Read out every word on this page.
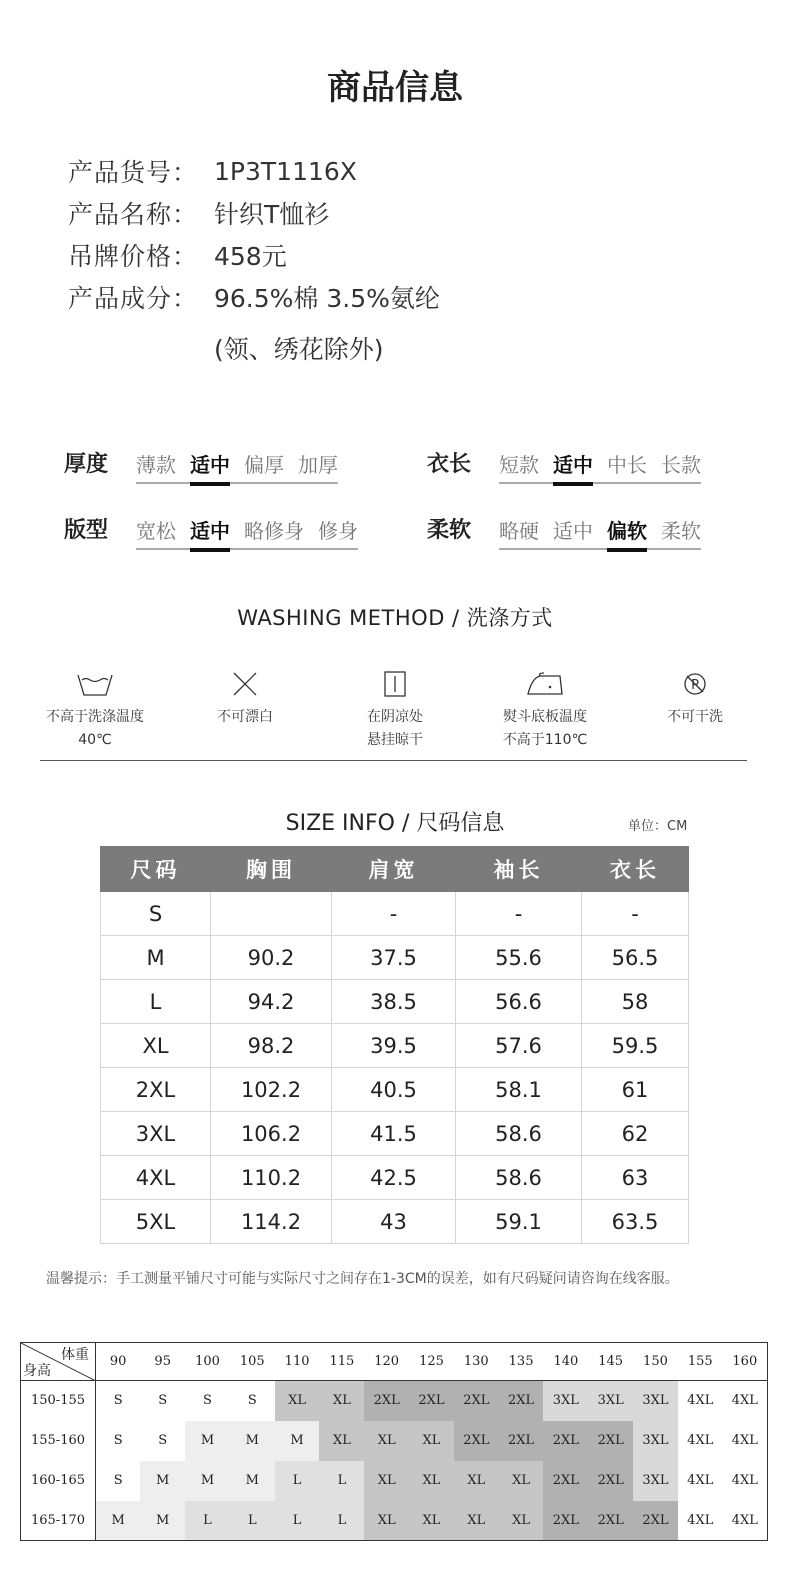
商品信息
产品货号： 1P3T1116X
产品名称： 针织T恤衫
吊牌价格： 458元
产品成分： 96.5%棉 3.5%氨纶
(领、绣花除外)
厚度	薄款 适中 偏厚 加厚	衣长	短款 适中 中长 长款
版型	宽松 适中 略修身 修身	柔软	略硬 适中 偏软 柔软
WASHING METHOD / 洗涤方式
不高于洗涤温度
40℃
不可漂白	在阴凉处
悬挂晾干
熨斗底板温度
不高于110℃
P
不可干洗
SIZE INFO / 尺码信息	单位：CM
尺码	胸围	肩宽	袖长	衣长
S		-	-	-
M	90.2	37.5	55.6	56.5
L	94.2	38.5	56.6	58
XL	98.2	39.5	57.6	59.5
2XL	102.2	40.5	58.1	61
3XL	106.2	41.5	58.6	62
4XL	110.2	42.5	58.6	63
5XL	114.2	43	59.1	63.5
温馨提示：手工测量平铺尺寸可能与实际尺寸之间存在1-3CM的误差，如有尺码疑问请咨询在线客服。
体重
身高	90	95	100	105	110	115	120	125	130	135	140	145	150	155	160
150-155	S	S	S	S	XL	XL	2XL	2XL	2XL	2XL	3XL	3XL	3XL	4XL	4XL
155-160	S	S	M	M	M	XL	XL	XL	2XL	2XL	2XL	2XL	3XL	4XL	4XL
160-165	S	M	M	M	L	L	XL	XL	XL	XL	2XL	2XL	3XL	4XL	4XL
165-170	M	M	L	L	L	L	XL	XL	XL	XL	2XL	2XL	2XL	4XL	4XL
